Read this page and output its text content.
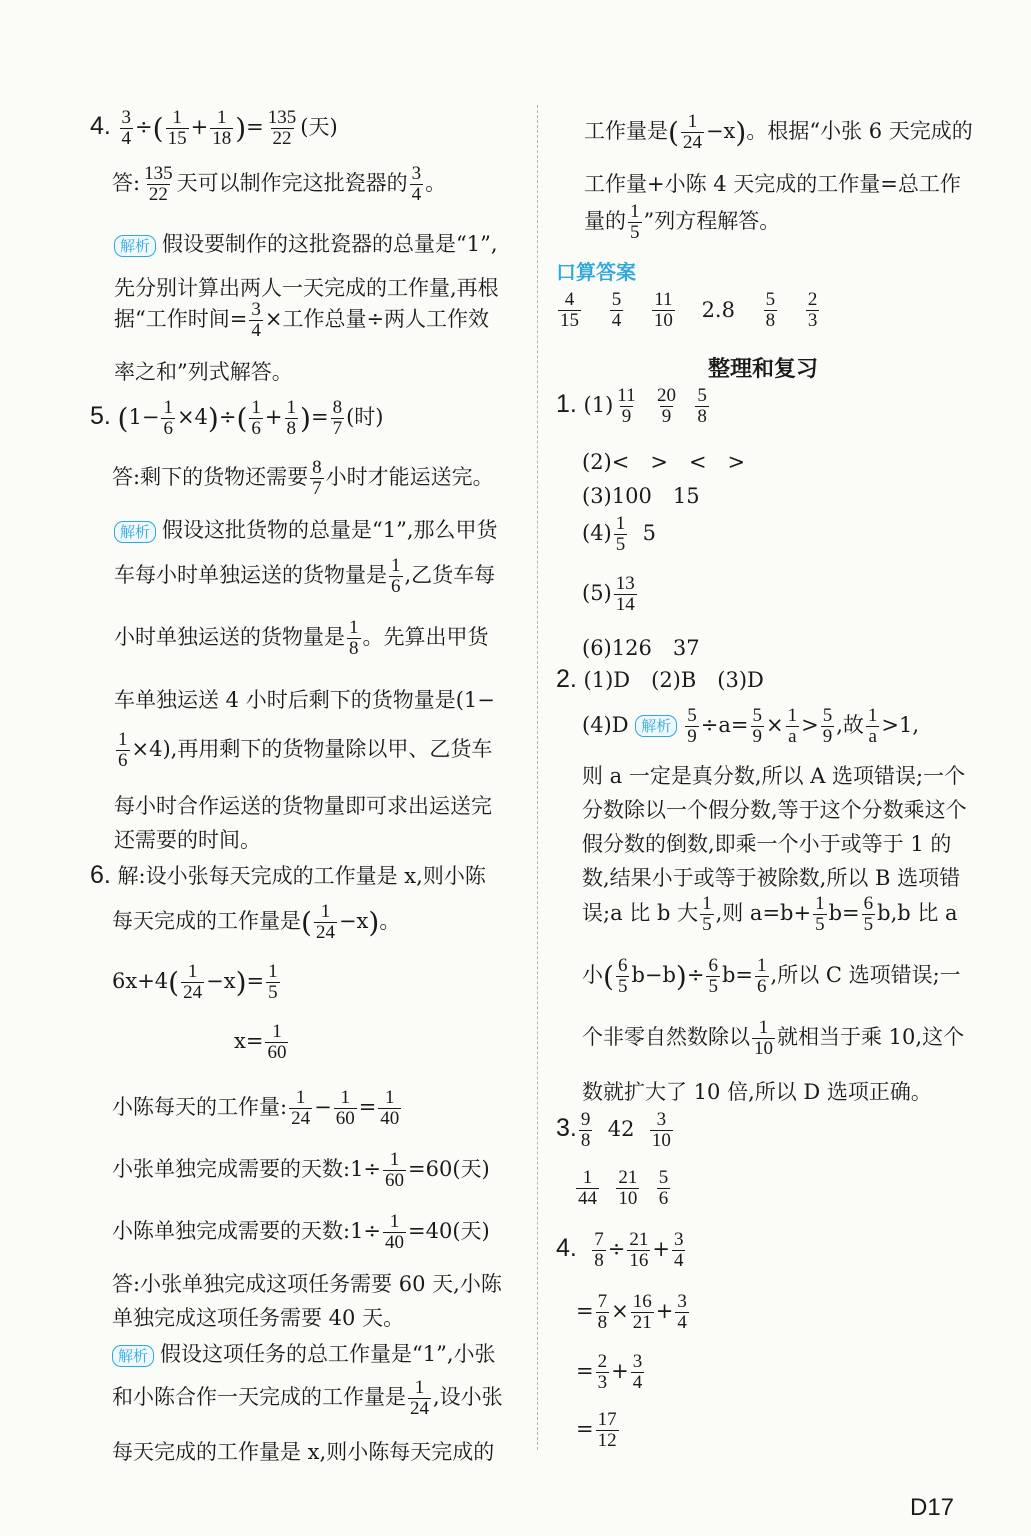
4. $\frac{3}{4}$ ÷( $\frac{1}{15} + \frac{1}{18}$ )= $\frac{135}{22}$ (天)
答: $\frac{135}{22}$ 天可以制作完这批瓷器的 $\frac{3}{4}$ 。
解析 假设要制作的这批瓷器的总量是“1”,
先分别计算出两人一天完成的工作量,再根
据“工作时间= $\frac{3}{4}$ ×工作总量÷两人工作效
率之和”列式解答。
5. $(1- \frac{1}{6} \times 4)\div( \frac{1}{6} + \frac{1}{8}$ )= $\frac{8}{7}$ (时)
答:剩下的货物还需要 $\frac{8}{7}$ 小时才能运送完。
解析 假设这批货物的总量是“1”,那么甲货
车每小时单独运送的货物量是 $\frac{1}{6}$ ,乙货车每
小时单独运送的货物量是 $\frac{1}{8}$ 。先算出甲货
车单独运送 4 小时后剩下的货物量是(1−
$\frac{1}{6} \times 4$),再用剩下的货物量除以甲、乙货车
每小时合作运送的货物量即可求出运送完
还需要的时间。
6. 解:设小张每天完成的工作量是 x,则小陈
每天完成的工作量是( $\frac{1}{24} -x$)。
$6x+4( \frac{1}{24} -x)= \frac{1}{5}$
$x= \frac{1}{60}$
小陈每天的工作量: $\frac{1}{24} - \frac{1}{60} = \frac{1}{40}$
小张单独完成需要的天数:1÷ $\frac{1}{60} =60$(天)
小陈单独完成需要的天数:1÷ $\frac{1}{40} =40$(天)
答:小张单独完成这项任务需要 60 天,小陈
单独完成这项任务需要 40 天。
解析 假设这项任务的总工作量是“1”,小张
和小陈合作一天完成的工作量是 $\frac{1}{24}$ ,设小张
每天完成的工作量是 x,则小陈每天完成的
工作量是( $\frac{1}{24} -x$)。根据“小张 6 天完成的
工作量+小陈 4 天完成的工作量=总工作
量的 $\frac{1}{5}$ ”列方程解答。
口算答案
$\frac{4}{15}$
$\frac{5}{4}$
$\frac{11}{10} 2.8 \frac{5}{8}$
$\frac{2}{3}$
整理和复习
1. $(1) \frac{11}{9}$
$\frac{20}{9}$
$\frac{5}{8}$
(2)<　>　<　>
(3)100　15
$(4) \frac{1}{5} 5$
$(5) \frac{13}{14}$
(6)126　37
2. (1)D　(2)B　(3)D
(4)D 解析 $\frac{5}{9} \div a= \frac{5}{9} \times \frac{1}{a} > \frac{5}{9}$ ,故 $\frac{1}{a} >1$,
则 a 一定是真分数,所以 A 选项错误;一个
分数除以一个假分数,等于这个分数乘这个
假分数的倒数,即乘一个小于或等于 1 的
数,结果小于或等于被除数,所以 B 选项错
误;a 比 b 大 $\frac{1}{5}$ ,则 $a=b+ \frac{1}{5} b= \frac{6}{5} b,b$ 比 a
小( $\frac{6}{5} b-b)\div \frac{6}{5} b= \frac{1}{6}$ ,所以 C 选项错误;一
个非零自然数除以 $\frac{1}{10}$ 就相当于乘 10,这个
数就扩大了 10 倍,所以 D 选项正确。
3. $\frac{9}{8} 42 \frac{3}{10}$
$\frac{1}{44}$
$\frac{21}{10}$
$\frac{5}{6}$
4. $\frac{7}{8} \div \frac{21}{16} + \frac{3}{4}$
= $\frac{7}{8} \times \frac{16}{21} + \frac{3}{4}$
= $\frac{2}{3} + \frac{3}{4}$
= $\frac{17}{12}$
D17
